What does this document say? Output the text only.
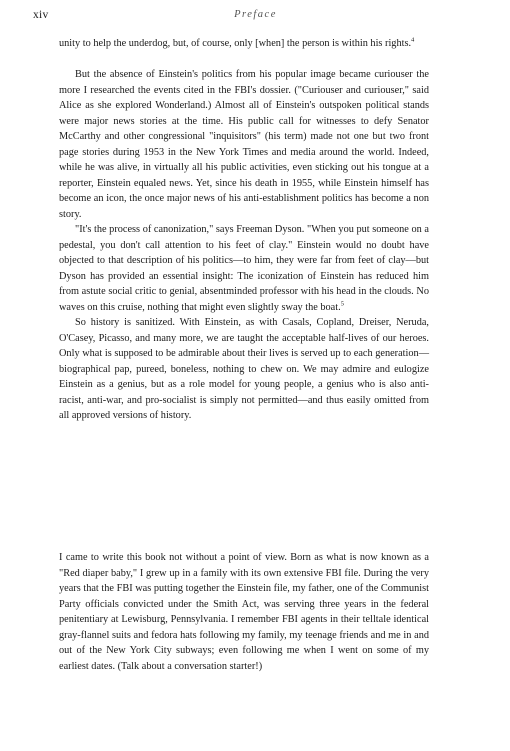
xiv	Preface

unity to help the underdog, but, of course, only [when] the person is within his rights.$^4$

But the absence of Einstein's politics from his popular image became curiouser the more I researched the events cited in the FBI's dossier. ("Curiouser and curiouser," said Alice as she explored Wonderland.) Almost all of Einstein's outspoken political stands were major news stories at the time. His public call for witnesses to defy Senator McCarthy and other congressional "inquisitors" (his term) made not one but two front page stories during 1953 in the New York Times and media around the world. Indeed, while he was alive, in virtually all his public activities, even sticking out his tongue at a reporter, Einstein equaled news. Yet, since his death in 1955, while Einstein himself has become an icon, the once major news of his anti-establishment politics has become a non story.

"It's the process of canonization," says Freeman Dyson. "When you put someone on a pedestal, you don't call attention to his feet of clay." Einstein would no doubt have objected to that description of his politics—to him, they were far from feet of clay—but Dyson has provided an essential insight: The iconization of Einstein has reduced him from astute social critic to genial, absentminded professor with his head in the clouds. No waves on this cruise, nothing that might even slightly sway the boat.$^5$

So history is sanitized. With Einstein, as with Casals, Copland, Dreiser, Neruda, O'Casey, Picasso, and many more, we are taught the acceptable half-lives of our heroes. Only what is supposed to be admirable about their lives is served up to each generation—biographical pap, pureed, boneless, nothing to chew on. We may admire and eulogize Einstein as a genius, but as a role model for young people, a genius who is also anti-racist, anti-war, and pro-socialist is simply not permitted—and thus easily omitted from all approved versions of history.

I came to write this book not without a point of view. Born as what is now known as a "Red diaper baby," I grew up in a family with its own extensive FBI file. During the very years that the FBI was putting together the Einstein file, my father, one of the Communist Party officials convicted under the Smith Act, was serving three years in the federal penitentiary at Lewisburg, Pennsylvania. I remember FBI agents in their telltale identical gray-flannel suits and fedora hats following my family, my teenage friends and me in and out of the New York City subways; even following me when I went on some of my earliest dates. (Talk about a conversation starter!)
